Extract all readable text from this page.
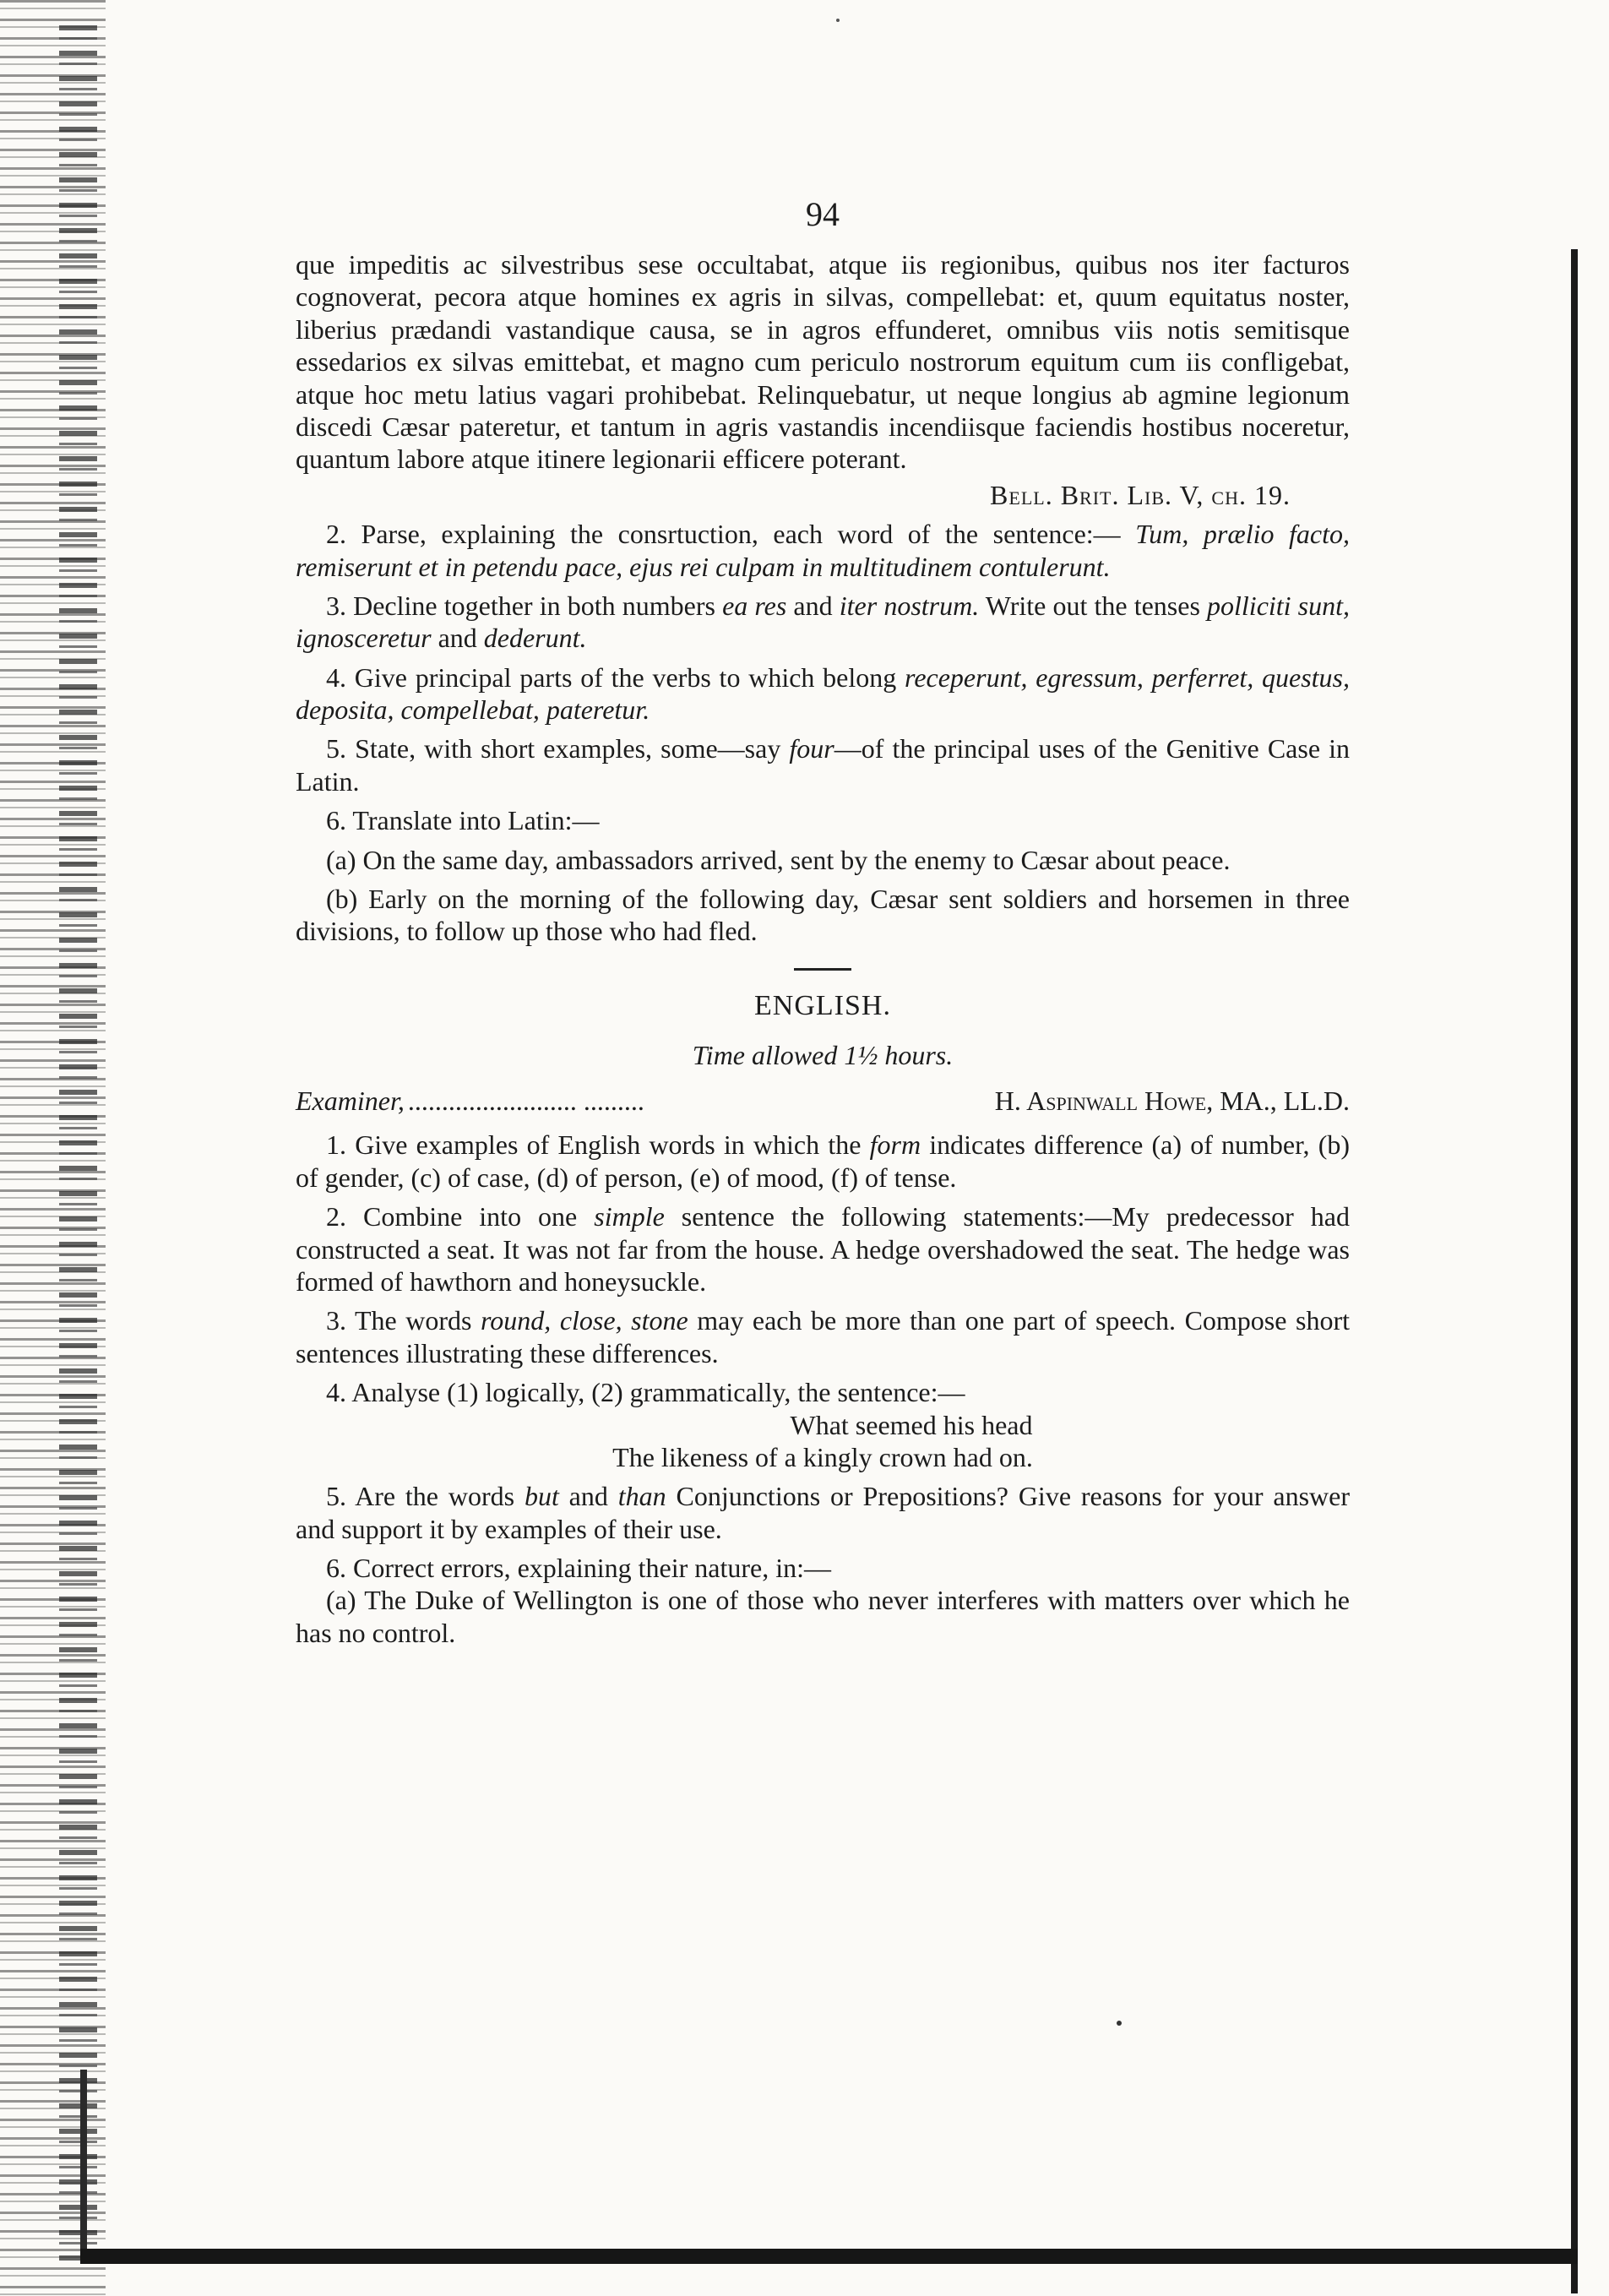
94

que impeditis ac silvestribus sese occultabat, atque iis regionibus, quibus nos iter facturos cognoverat, pecora atque homines ex agris in silvas, compellebat: et, quum equitatus noster, liberius prædandi vastandique causa, se in agros effunderet, omnibus viis notis semitisque essedarios ex silvas emittebat, et magno cum periculo nostrorum equitum cum iis confligebat, atque hoc metu latius vagari prohibebat. Relinquebatur, ut neque longius ab agmine legionum discedi Cæsar pateretur, et tantum in agris vastandis incendiisque faciendis hostibus noceretur, quantum labore atque itinere legionarii efficere poterant.

Bell. Brit. Lib. V, ch. 19.

2. Parse, explaining the consrtuction, each word of the sentence:— Tum, prælio facto, remiserunt et in petendu pace, ejus rei culpam in multitudinem contulerunt.

3. Decline together in both numbers ea res and iter nostrum. Write out the tenses polliciti sunt, ignosceretur and dederunt.

4. Give principal parts of the verbs to which belong receperunt, egressum, perferret, questus, deposita, compellebat, pateretur.

5. State, with short examples, some—say four—of the principal uses of the Genitive Case in Latin.

6. Translate into Latin:—

(a) On the same day, ambassadors arrived, sent by the enemy to Cæsar about peace.

(b) Early on the morning of the following day, Cæsar sent soldiers and horsemen in three divisions, to follow up those who had fled.

ENGLISH.
Time allowed 1½ hours.
Examiner, ......................... .........	H. Aspinwall Howe, MA., LL.D.

1. Give examples of English words in which the form indicates difference (a) of number, (b) of gender, (c) of case, (d) of person, (e) of mood, (f) of tense.

2. Combine into one simple sentence the following statements:—My predecessor had constructed a seat. It was not far from the house. A hedge overshadowed the seat. The hedge was formed of hawthorn and honeysuckle.

3. The words round, close, stone may each be more than one part of speech. Compose short sentences illustrating these differences.

4. Analyse (1) logically, (2) grammatically, the sentence:—

What seemed his head
The likeness of a kingly crown had on.

5. Are the words but and than Conjunctions or Prepositions? Give reasons for your answer and support it by examples of their use.

6. Correct errors, explaining their nature, in:—

(a) The Duke of Wellington is one of those who never interferes with matters over which he has no control.
